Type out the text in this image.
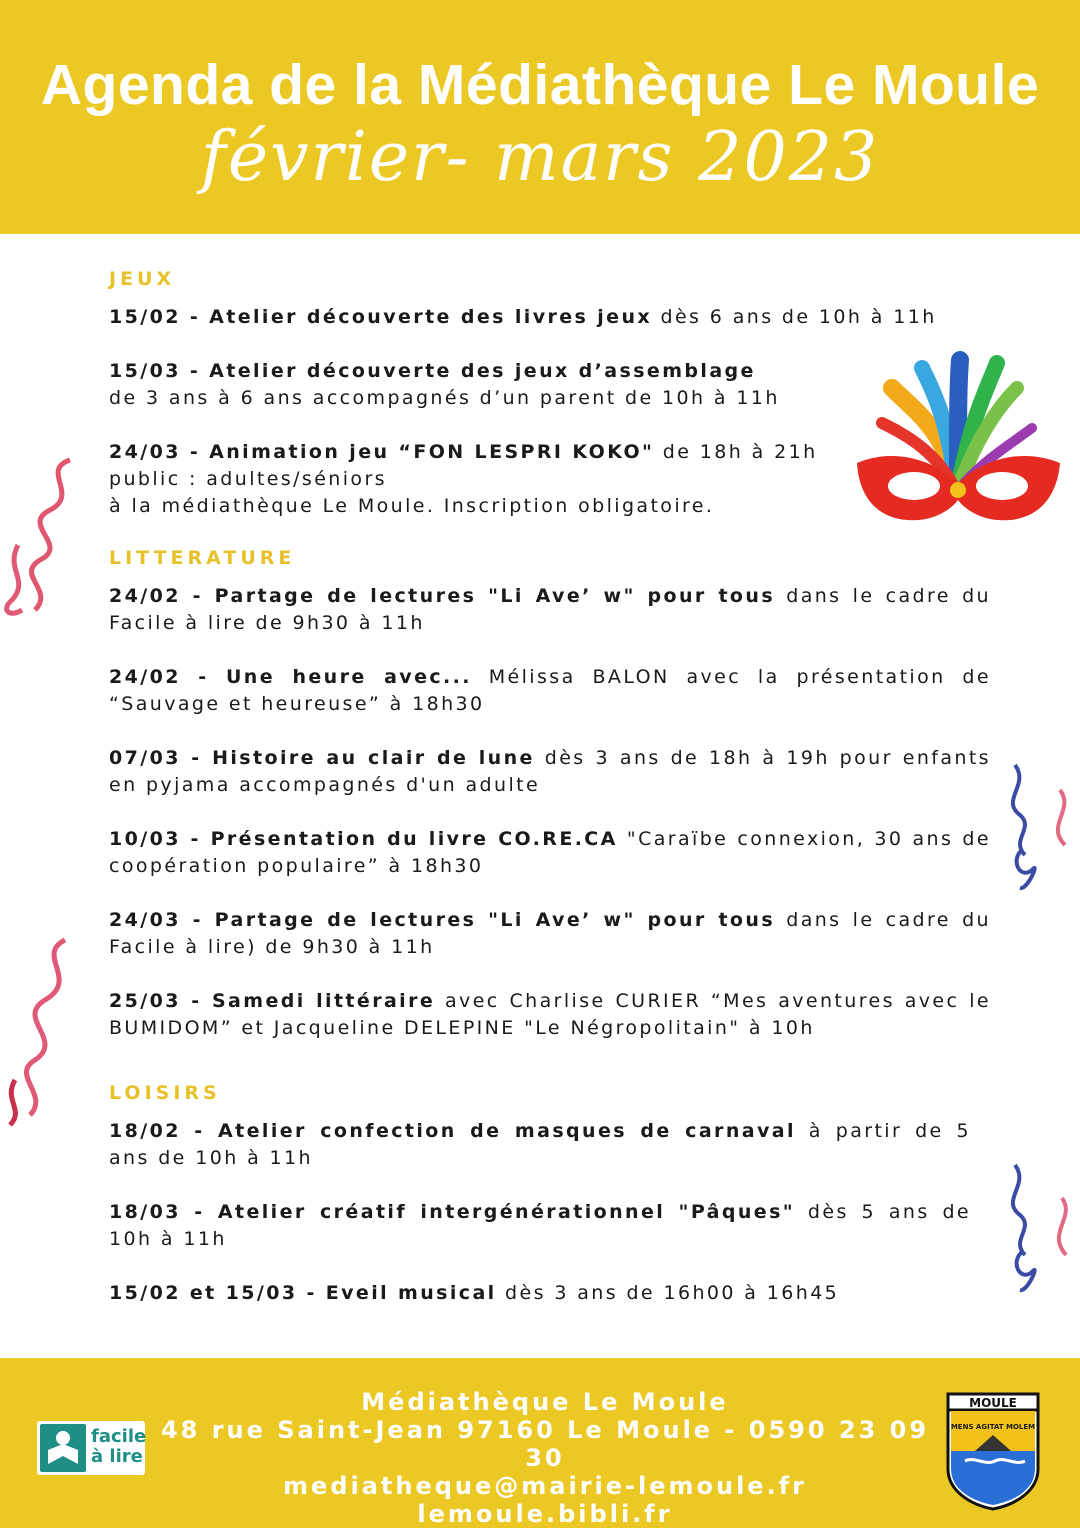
Agenda de la Médiathèque Le Moule
février- mars 2023
JEUX

15/02 - Atelier découverte des livres jeux dès 6 ans de 10h à 11h

15/03 - Atelier découverte des jeux d’assemblage
de 3 ans à 6 ans accompagnés d’un parent de 10h à 11h

24/03 - Animation jeu “FON LESPRI KOKO" de 18h à 21h
public : adultes/séniors
à la médiathèque Le Moule. Inscription obligatoire.

LITTERATURE

24/02 - Partage de lectures "Li Ave’ w" pour tous dans le cadre du Facile à lire de 9h30 à 11h

24/02 - Une heure avec... Mélissa BALON avec la présentation de “Sauvage et heureuse” à 18h30

07/03 - Histoire au clair de lune dès 3 ans de 18h à 19h pour enfants en pyjama accompagnés d'un adulte

10/03 - Présentation du livre CO.RE.CA "Caraïbe connexion, 30 ans de coopération populaire” à 18h30

24/03 - Partage de lectures "Li Ave’ w" pour tous dans le cadre du Facile à lire) de 9h30 à 11h

25/03 - Samedi littéraire avec Charlise CURIER “Mes aventures avec le BUMIDOM” et Jacqueline DELEPINE "Le Négropolitain" à 10h

LOISIRS

18/02 - Atelier confection de masques de carnaval à partir de 5 ans de 10h à 11h

18/03 - Atelier créatif intergénérationnel "Pâques" dès 5 ans de 10h à 11h

15/02 et 15/03 - Eveil musical dès 3 ans de 16h00 à 16h45

facile
à lire
Médiathèque Le Moule
48 rue Saint-Jean 97160 Le Moule - 0590 23 09 30
mediatheque@mairie-lemoule.fr
lemoule.bibli.fr
MOULE
MENS AGITAT MOLEM
